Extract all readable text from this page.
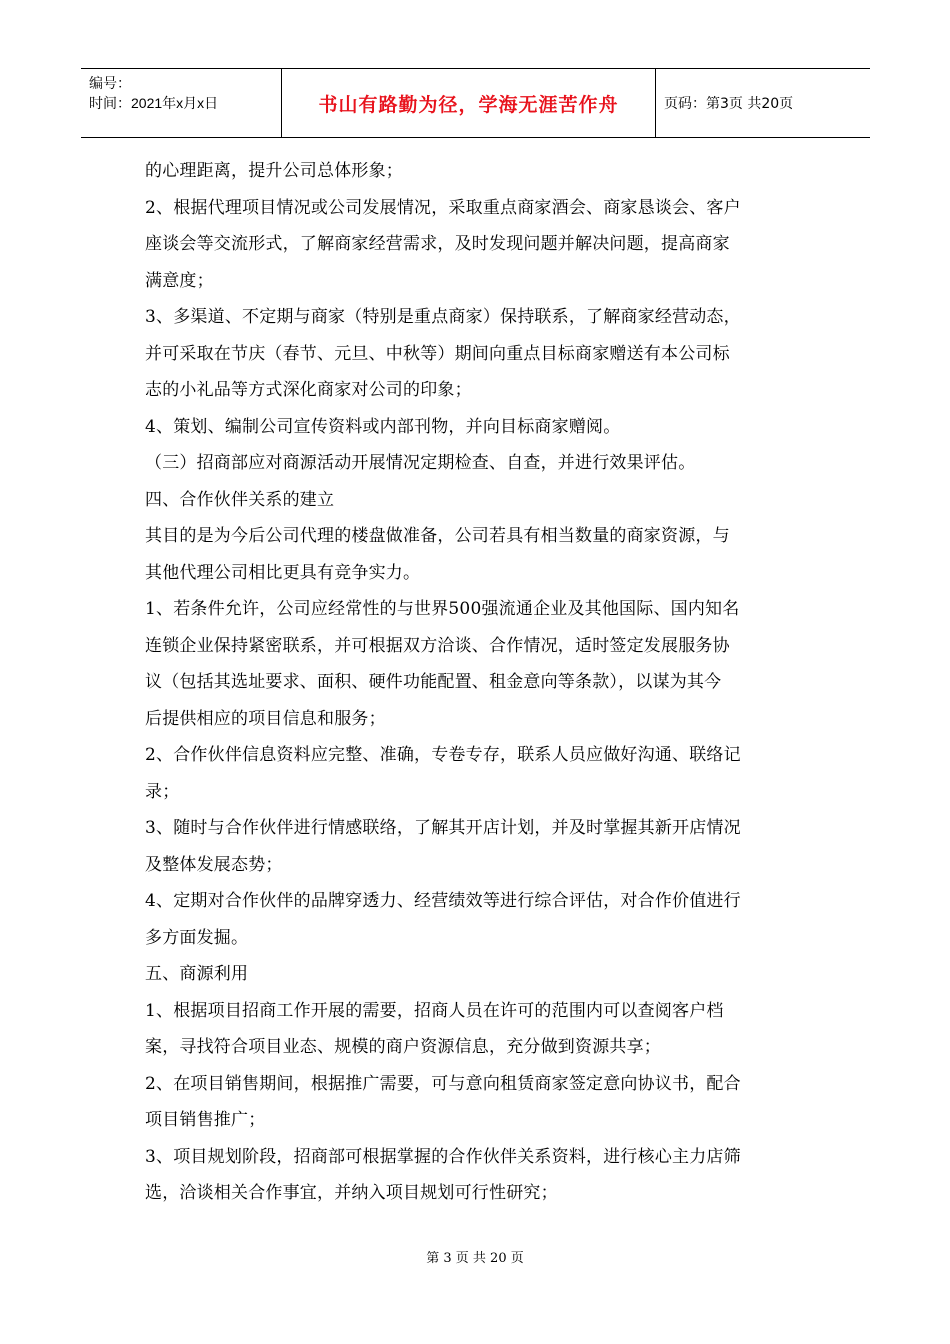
编号：
时间：2021年x月x日	书山有路勤为径，学海无涯苦作舟	页码：第3页 共20页
的心理距离，提升公司总体形象；
2、根据代理项目情况或公司发展情况，采取重点商家酒会、商家恳谈会、客户
座谈会等交流形式，了解商家经营需求，及时发现问题并解决问题，提高商家
满意度；
3、多渠道、不定期与商家（特别是重点商家）保持联系，了解商家经营动态，
并可采取在节庆（春节、元旦、中秋等）期间向重点目标商家赠送有本公司标
志的小礼品等方式深化商家对公司的印象；
4、策划、编制公司宣传资料或内部刊物，并向目标商家赠阅。
（三）招商部应对商源活动开展情况定期检查、自查，并进行效果评估。
四、合作伙伴关系的建立
其目的是为今后公司代理的楼盘做准备，公司若具有相当数量的商家资源，与
其他代理公司相比更具有竞争实力。
1、若条件允许，公司应经常性的与世界500强流通企业及其他国际、国内知名
连锁企业保持紧密联系，并可根据双方洽谈、合作情况，适时签定发展服务协
议（包括其选址要求、面积、硬件功能配置、租金意向等条款），以谋为其今
后提供相应的项目信息和服务；
2、合作伙伴信息资料应完整、准确，专卷专存，联系人员应做好沟通、联络记
录；
3、随时与合作伙伴进行情感联络，了解其开店计划，并及时掌握其新开店情况
及整体发展态势；
4、定期对合作伙伴的品牌穿透力、经营绩效等进行综合评估，对合作价值进行
多方面发掘。
五、商源利用
1、根据项目招商工作开展的需要，招商人员在许可的范围内可以查阅客户档
案，寻找符合项目业态、规模的商户资源信息，充分做到资源共享；
2、在项目销售期间，根据推广需要，可与意向租赁商家签定意向协议书，配合
项目销售推广；
3、项目规划阶段，招商部可根据掌握的合作伙伴关系资料，进行核心主力店筛
选，洽谈相关合作事宜，并纳入项目规划可行性研究；
第 3 页 共 20 页
